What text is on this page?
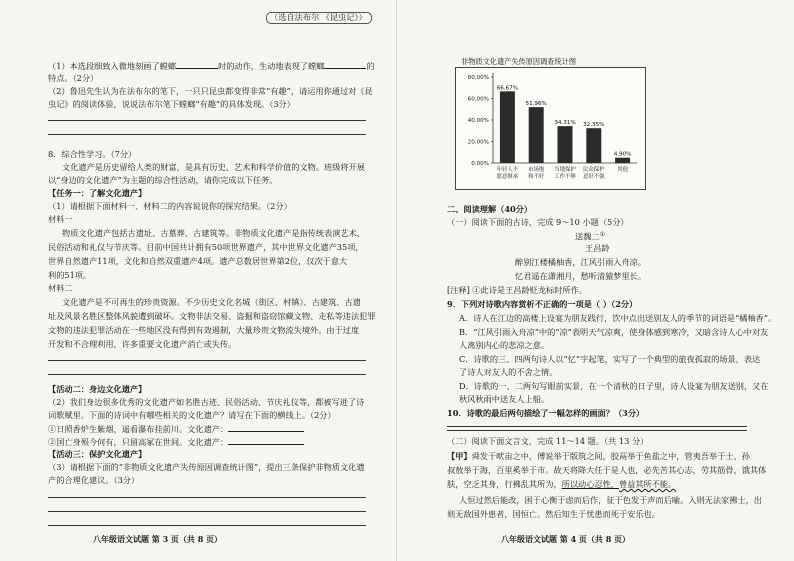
（选自法布尔 《昆虫记》）
（1）本选段细致入微地刻画了螳螂	时的动作，生动地表现了螳螂	的
特点。（2分）
（2）鲁迅先生认为在法布尔的笔下，一只只昆虫都变得非常“有趣”，请运用你通过对《昆
虫记》的阅读体验，说说法布尔笔下螳螂“有趣”的具体发现。（3分）
8．综合性学习。（7分）
文化遗产是历史留给人类的财富，是具有历史、艺术和科学价值的文物。班级将开展
以“身边的文化遗产”为主题的综合性活动，请你完成以下任务。
【任务一：了解文化遗产】
（1）请根据下面材料一、材料二的内容说说你的探究结果。（2分）
材料一
物质文化遗产包括古遗址、古墓葬、古建筑等。非物质文化遗产是指传统表演艺术、
民俗活动和礼仪与节庆等。目前中国共计拥有50项世界遗产，其中世界文化遗产35项，
世界自然遗产11项，文化和自然双重遗产4项。遗产总数居世界第2位，仅次于意大
利的51项。
材料二
文化遗产是不可再生的珍贵资源。不少历史文化名城（街区、村镇）、古建筑、古遗
址及风景名胜区整体风貌遭到破坏。文物非法交易、盗掘和盗窃馆藏文物、走私等违法犯罪
文物的违法犯罪活动在一些地区没有得到有效遏制，大量珍贵文物流失境外。由于过度
开发和不合理利用，许多重要文化遗产消亡或失传。
【活动二：身边文化遗产】
（2）我们身边很多优秀的文化遗产如名胜古迹、民俗活动、节庆礼仪等，都被写进了诗
词歌赋里。下面的诗词中有哪些相关的文化遗产？请写在下面的横线上。（2分）
①日照香炉生紫烟，遥看瀑布挂前川。文化遗产：
②国亡身殒今何有，只留高冢在世间。文化遗产：
【活动三：保护文化遗产】
（3）请根据下面的“非物质文化遗产失传原因调查统计图”，提出三条保护非物质文化遗
产的合理化建议。（3分）
八年级语文试题 第 3 页（共 8 页）
二、阅读理解（40分）
（一）阅读下面的古诗，完成 9～10 小题（5分）
送魏二①
王昌龄
醉别江楼橘柚香，江风引雨入舟凉。
忆君遥在潇湘月，愁听清猿梦里长。
[注释] ①此诗是王昌龄贬龙标时所作。
9．下列对诗歌内容赏析不正确的一项是（ ）（2分）
A．诗人在江边的高楼上设宴为朋友践行，饮中点出送别友人的季节的词语是“橘柚香”。
B．“江风引雨入舟凉”中的“凉”表明天气凉爽，使身体感到寒冷，又暗含诗人心中对友
人离别内心的悲凉之意。
C．诗歌的三、四两句诗人以“忆”字起笔，实写了一个典型的旅夜孤寂的场景，表达
了诗人对友人的不舍之情。
D．诗歌的一、二两句写眼前实景，在一个清秋的日子里，诗人设宴为朋友送别，又在
秋风秋雨中送友人上船。
10．诗歌的最后两句描绘了一幅怎样的画面？（3分）
（二）阅读下面文言文，完成 11～14 题。（共 13 分）
【甲】舜发于畎亩之中，傅说举于版筑之间，胶鬲举于鱼盐之中，管夷吾举于士，孙
叔敖举于海，百里奚举于市。故天将降大任于是人也，必先苦其心志，劳其筋骨，饿其体
肤，空乏其身，行拂乱其所为，所以动心忍性，曾益其所不能。
人恒过然后能改，困于心衡于虑而后作，征于色发于声而后喻。入则无法家拂士，出
则无敌国外患者，国恒亡。然后知生于忧患而死于安乐也。
八年级语文试题 第 4 页（共 8 页）
非物质文化遗产失传原因调查统计图
0.00%
20.00%
40.00%
60.00%
80.00%
66.67%
年轻人不
愿意继承
51.96%
市场饱
和不好
34.31%
当地保护
工作不够
32.35%
民众保护
意识不强
4.90%
其他
